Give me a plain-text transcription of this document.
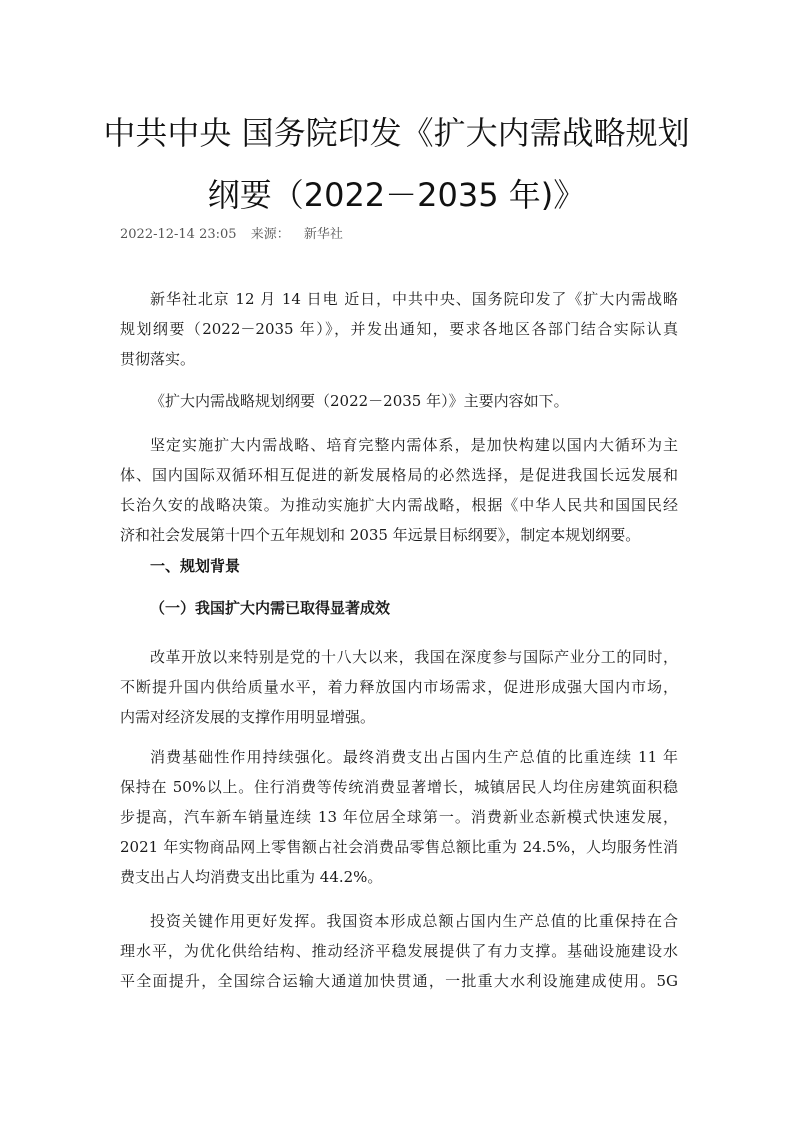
中共中央 国务院印发《扩大内需战略规划
纲要（2022－2035 年)》
2022-12-14 23:05 来源： 新华社
新华社北京 12 月 14 日电 近日，中共中央、国务院印发了《扩大内需战略
规划纲要（2022－2035 年）》，并发出通知，要求各地区各部门结合实际认真
贯彻落实。
《扩大内需战略规划纲要（2022－2035 年）》主要内容如下。
坚定实施扩大内需战略、培育完整内需体系，是加快构建以国内大循环为主
体、国内国际双循环相互促进的新发展格局的必然选择，是促进我国长远发展和
长治久安的战略决策。为推动实施扩大内需战略，根据《中华人民共和国国民经
济和社会发展第十四个五年规划和 2035 年远景目标纲要》，制定本规划纲要。
一、规划背景
（一）我国扩大内需已取得显著成效
改革开放以来特别是党的十八大以来，我国在深度参与国际产业分工的同时，
不断提升国内供给质量水平，着力释放国内市场需求，促进形成强大国内市场，
内需对经济发展的支撑作用明显增强。
消费基础性作用持续强化。最终消费支出占国内生产总值的比重连续 11 年
保持在 50%以上。住行消费等传统消费显著增长，城镇居民人均住房建筑面积稳
步提高，汽车新车销量连续 13 年位居全球第一。消费新业态新模式快速发展，
2021 年实物商品网上零售额占社会消费品零售总额比重为 24.5%，人均服务性消
费支出占人均消费支出比重为 44.2%。
投资关键作用更好发挥。我国资本形成总额占国内生产总值的比重保持在合
理水平，为优化供给结构、推动经济平稳发展提供了有力支撑。基础设施建设水
平全面提升，全国综合运输大通道加快贯通，一批重大水利设施建成使用。5G
